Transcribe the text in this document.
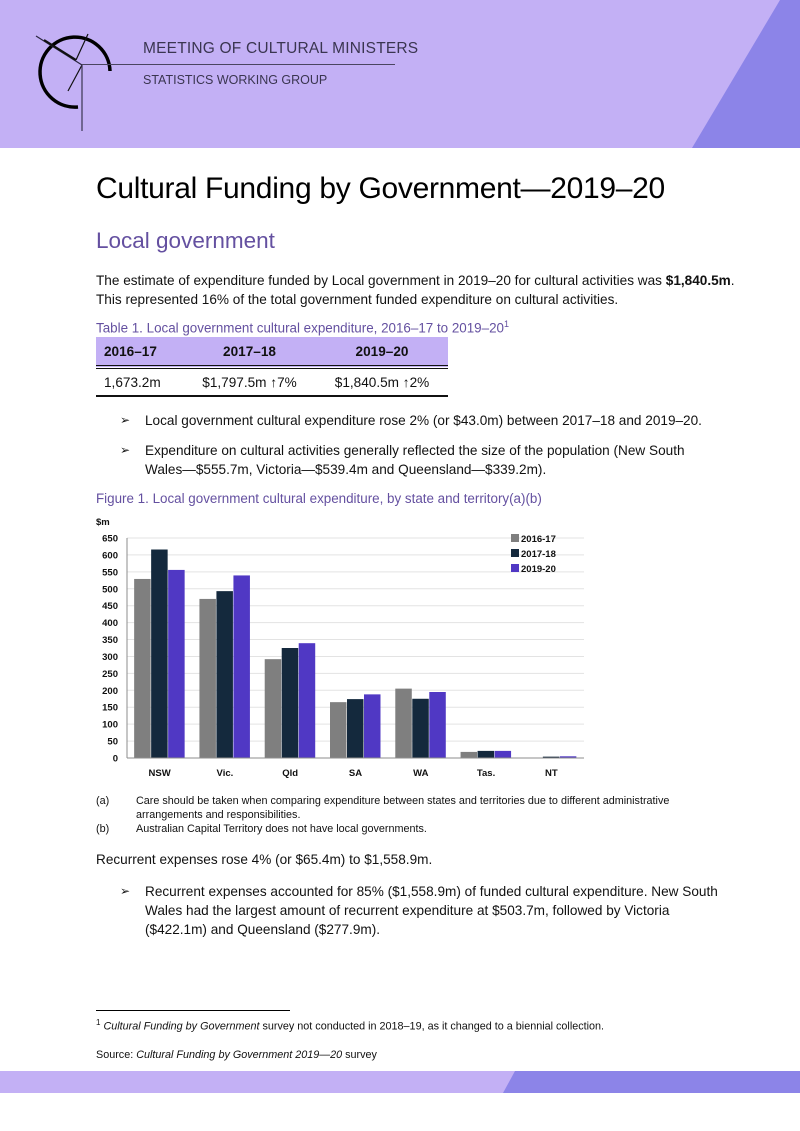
MEETING OF CULTURAL MINISTERS
STATISTICS WORKING GROUP
Cultural Funding by Government—2019–20
Local government

The estimate of expenditure funded by Local government in 2019–20 for cultural activities was $1,840.5m. This represented 16% of the total government funded expenditure on cultural activities.

Table 1. Local government cultural expenditure, 2016–17 to $2019-20^1$
2016–17	2017–18	2019–20
1,673.2m	$1,797.5m ↑7%	$1,840.5m ↑2%
➢ Local government cultural expenditure rose 2% (or $43.0m) between 2017–18 and 2019–20.
➢ Expenditure on cultural activities generally reflected the size of the population (New South Wales—$555.7m, Victoria—$539.4m and Queensland—$339.2m).
Figure 1. Local government cultural expenditure, by state and territory(a)(b)
$m
0
50
100
150
200
250
300
350
400
450
500
550
600
650
NSW	Vic.	Qld	SA	WA	Tas.	NT
2016-17
2017-18
2019-20
(a) Care should be taken when comparing expenditure between states and territories due to different administrative arrangements and responsibilities.
(b) Australian Capital Territory does not have local governments.
Recurrent expenses rose 4% (or $65.4m) to $1,558.9m.
➢ Recurrent expenses accounted for 85% ($1,558.9m) of funded cultural expenditure. New South Wales had the largest amount of recurrent expenditure at $503.7m, followed by Victoria ($422.1m) and Queensland ($277.9m).
$^1$ Cultural Funding by Government survey not conducted in 2018–19, as it changed to a biennial collection.
Source: Cultural Funding by Government 2019—20 survey
